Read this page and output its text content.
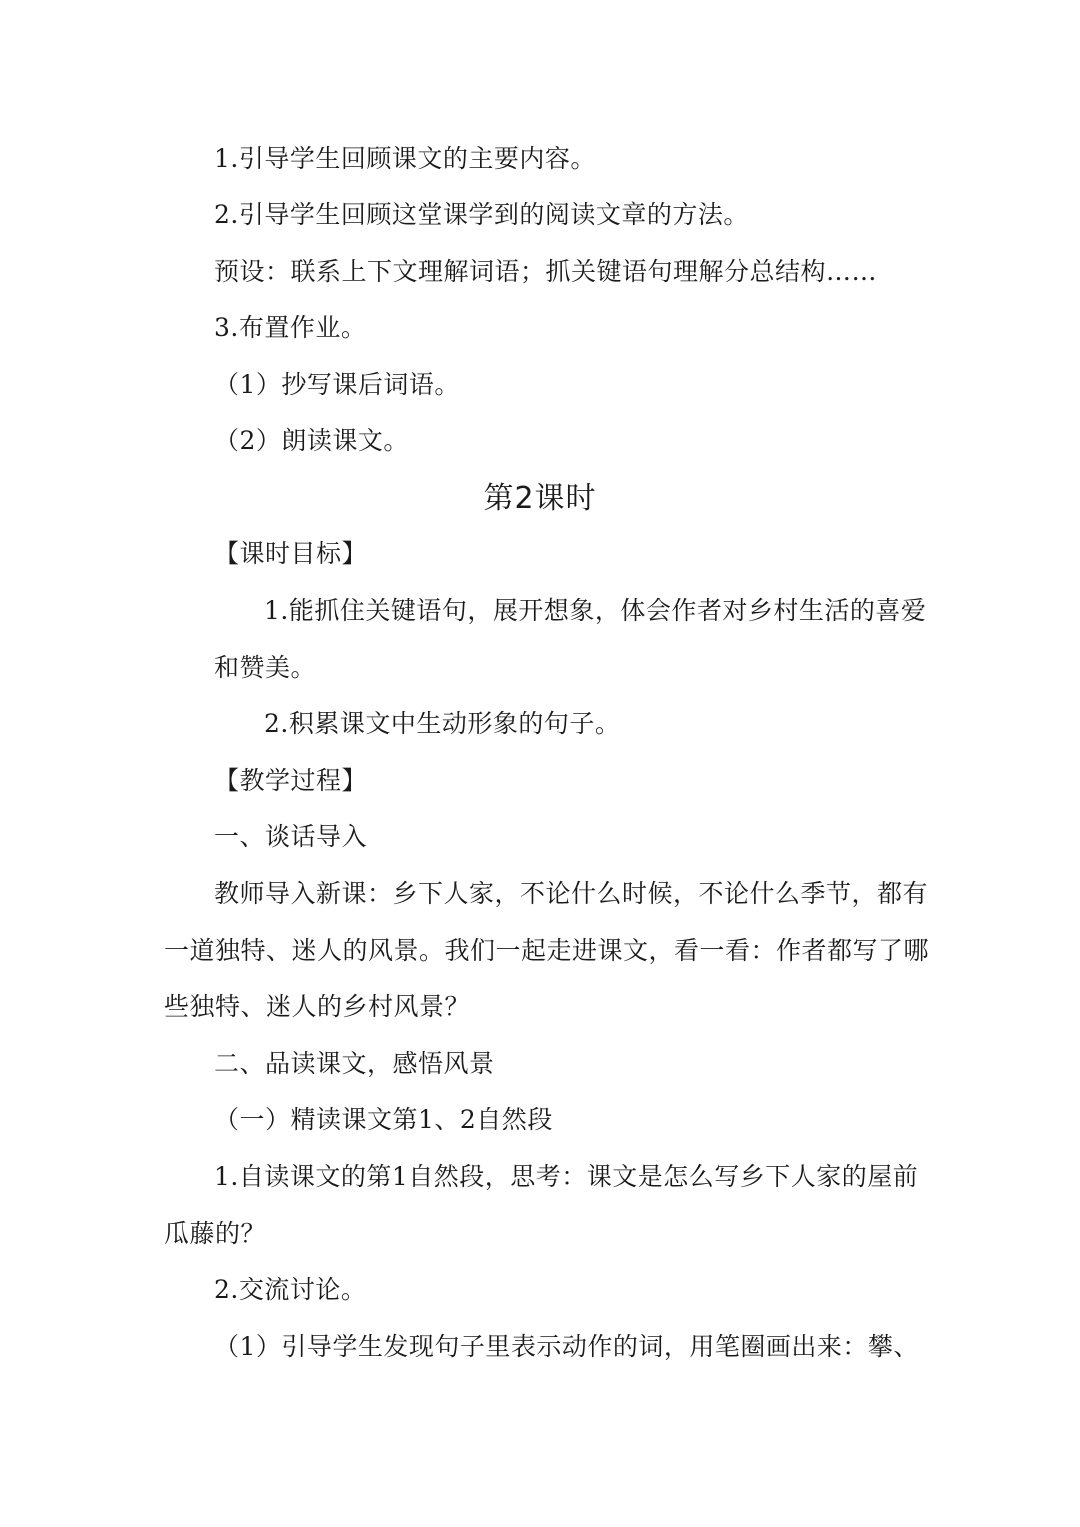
1.引导学生回顾课文的主要内容。
2.引导学生回顾这堂课学到的阅读文章的方法。
预设：联系上下文理解词语；抓关键语句理解分总结构……
3.布置作业。
（1）抄写课后词语。
（2）朗读课文。
第2课时
【课时目标】
1.能抓住关键语句，展开想象，体会作者对乡村生活的喜爱
和赞美。
2.积累课文中生动形象的句子。
【教学过程】
一、谈话导入
教师导入新课：乡下人家，不论什么时候，不论什么季节，都有
一道独特、迷人的风景。我们一起走进课文，看一看：作者都写了哪
些独特、迷人的乡村风景？
二、品读课文，感悟风景
（一）精读课文第1、2自然段
1.自读课文的第1自然段，思考：课文是怎么写乡下人家的屋前
瓜藤的？
2.交流讨论。
（1）引导学生发现句子里表示动作的词，用笔圈画出来：攀、
